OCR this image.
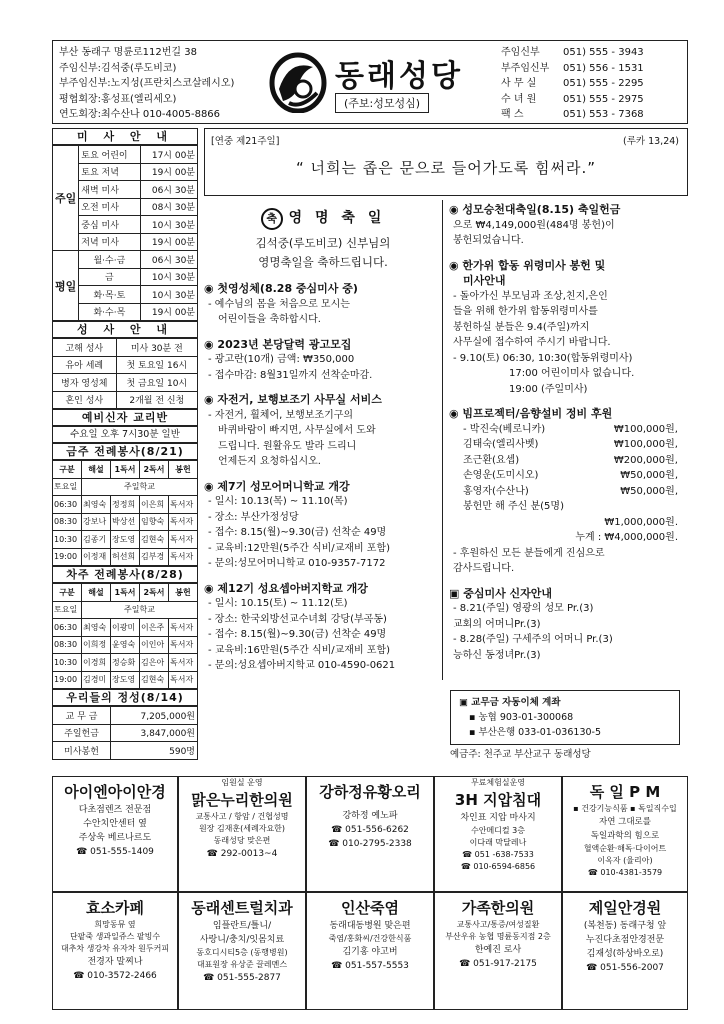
부산 동래구 명륜로112번길 38
주임신부:김석중(루도비코)
부주임신부:노지성(프란치스코살레시오)
평협회장:홍성표(엘리세오)
연도회장:최수산나 010-4005-8866
동래성당
(주보:성모성심)
주임신부	051) 555 - 3943
부주임신부	051) 556 - 1531
사 무 실	051) 555 - 2295
수 녀 원	051) 555 - 2975
팩 스	051) 553 - 7368
미 사 안 내
주일	토요 어린이	17시 00분
	토요 저녁	19시 00분
	새벽 미사	06시 30분
	오전 미사	08시 30분
	중심 미사	10시 30분
	저녁 미사	19시 00분
평일	월·수·금	06시 30분
	금	10시 30분
	화·목·토	10시 30분
	화·수·목	19시 00분
성 사 안 내
고해 성사	미사 30분 전
유아 세례	첫 토요일 16시
병자 영성체	첫 금요일 10시
혼인 성사	2개월 전 신청
예비신자 교리반
수요일 오후 7시30분 일반
금주 전례봉사(8/21)
구분	해설	1독서	2독서	봉헌
토요일	주일학교			
06:30	최영숙	정정희	이은희	독서자
08:30	강보나	박상선	임향숙	독서자
10:30	김종기	장도영	김현숙	독서자
19:00	이정재	허선희	김부경	독서자
차주 전례봉사(8/28)
구분	해설	1독서	2독서	봉헌
토요일	주일학교			
06:30	최영숙	이광미	이은주	독서자
08:30	이희정	윤영숙	이인아	독서자
10:30	이경희	정승화	김은아	독서자
19:00	김경미	장도영	김현숙	독서자
우리들의 정성(8/14)
교 무 금	7,205,000원
주일헌금	3,847,000원
미사봉헌	590명
[연중 제21주일]	(루카 13,24)
“ 너희는 좁은 문으로 들어가도록 힘써라.”
축 영 명 축 일
김석중(루도비코) 신부님의
영명축일을 축하드립니다.
◉ 첫영성체(8.28 중심미사 중)
- 예수님의 몸을 처음으로 모시는
어린이들을 축하합시다.
◉ 2023년 본당달력 광고모집
- 광고란(10개) 금액: ₩350,000
- 접수마감: 8월31일까지 선착순마감.
◉ 자전거, 보행보조기 사무실 서비스
- 자전거, 휠체어, 보행보조기구의
바퀴바람이 빠지면, 사무실에서 도와
드립니다. 원활유도 발라 드리니
언제든지 요청하십시오.
◉ 제7기 성모어머니학교 개강
- 일시: 10.13(목) ~ 11.10(목)
- 장소: 부산가정성당
- 접수: 8.15(월)~9.30(금) 선착순 49명
- 교육비:12만원(5주간 식비/교재비 포함)
- 문의:성모어머니학교 010-9357-7172
◉ 제12기 성요셉아버지학교 개강
- 일시: 10.15(토) ~ 11.12(토)
- 장소: 한국외방선교수녀회 강당(부곡동)
- 접수: 8.15(월)~9.30(금) 선착순 49명
- 교육비:16만원(5주간 식비/교재비 포함)
- 문의:성요셉아버지학교 010-4590-0621
◉ 성모승천대축일(8.15) 축일헌금
으로 ₩4,149,000원(484명 봉헌)이
봉헌되었습니다.
◉ 한가위 합동 위령미사 봉헌 및
미사안내
- 돌아가신 부모님과 조상,친지,은인
들을 위해 한가위 합동위령미사를
봉헌하실 분들은 9.4(주일)까지
사무실에 접수하여 주시기 바랍니다.
- 9.10(토) 06:30, 10:30(합동위령미사)
17:00 어린이미사 없습니다.
19:00 (주일미사)
◉ 빔프로젝터/음향설비 정비 후원
- 박진숙(베로니카)	₩100,000원,
김태숙(엘리사벳)	₩100,000원,
조근환(요셉)	₩200,000원,
손영운(도미시오)	₩50,000원,
홍영자(수산나)	₩50,000원,
봉헌만 해 주신 분(5명)
₩1,000,000원.
누계 : ₩4,000,000원.
- 후원하신 모든 분들에게 진심으로
감사드립니다.
▣ 중심미사 신자안내
- 8.21(주일) 영광의 성모 Pr.(3)
교회의 어머니Pr.(3)
- 8.28(주일) 구세주의 어머니 Pr.(3)
능하신 동정녀Pr.(3)
▣ 교무금 자동이체 계좌
▪ 농협 903-01-300068
▪ 부산은행 033-01-036130-5
예금주: 천주교 부산교구 동래성당
아이엔아이안경
다초점렌즈 전문점
수안치안센터 옆
주상욱 베르나르도
☎ 051-555-1409
임원실 운영
맑은누리한의원
교통사고 / 항암 / 건협성명
원장 김재훈(세례자요한)
동래성당 맞은편
☎ 292-0013~4
강하정유황오리
강하정 예노파
☎ 051-556-6262
☎ 010-2795-2338
무료체험실운영
3H 지압침대
차인표 지압 마사지
수안메디컬 3층
이다래 막달레나
☎ 051 -638-7533
☎ 010-6594-6856
독 일 P M
▪ 건강기능식품 ▪ 독일직수입
자연 그대로를
독일과학의 힘으로
혈액순환·해독·다이어트
이옥자 (율리아)
☎ 010-4381-3579
효소카페
희망동뮤 옆
단팥죽 생과일쥬스 팥빙수
대추차 생강차 유자차 원두커피
전경자 말찌나
☎ 010-3572-2466
동래센트럴치과
임플란트/틀니/
사랑니/충치/잇몸치료
동호디시티5층 (동행병원)
대표원장 유상준 끌레멘스
☎ 051-555-2877
인산죽염
동래대동병원 맞은편
죽염/홍화씨/건강한식품
김기홍 야고버
☎ 051-557-5553
가족한의원
교통사고/통증/여성질환
부산우유 농협 명륜동지점 2층
한예진 로사
☎ 051-917-2175
제일안경원
(복천동) 동래구청 앞
누진다초점안경전문
김재성(하상바오로)
☎ 051-556-2007
